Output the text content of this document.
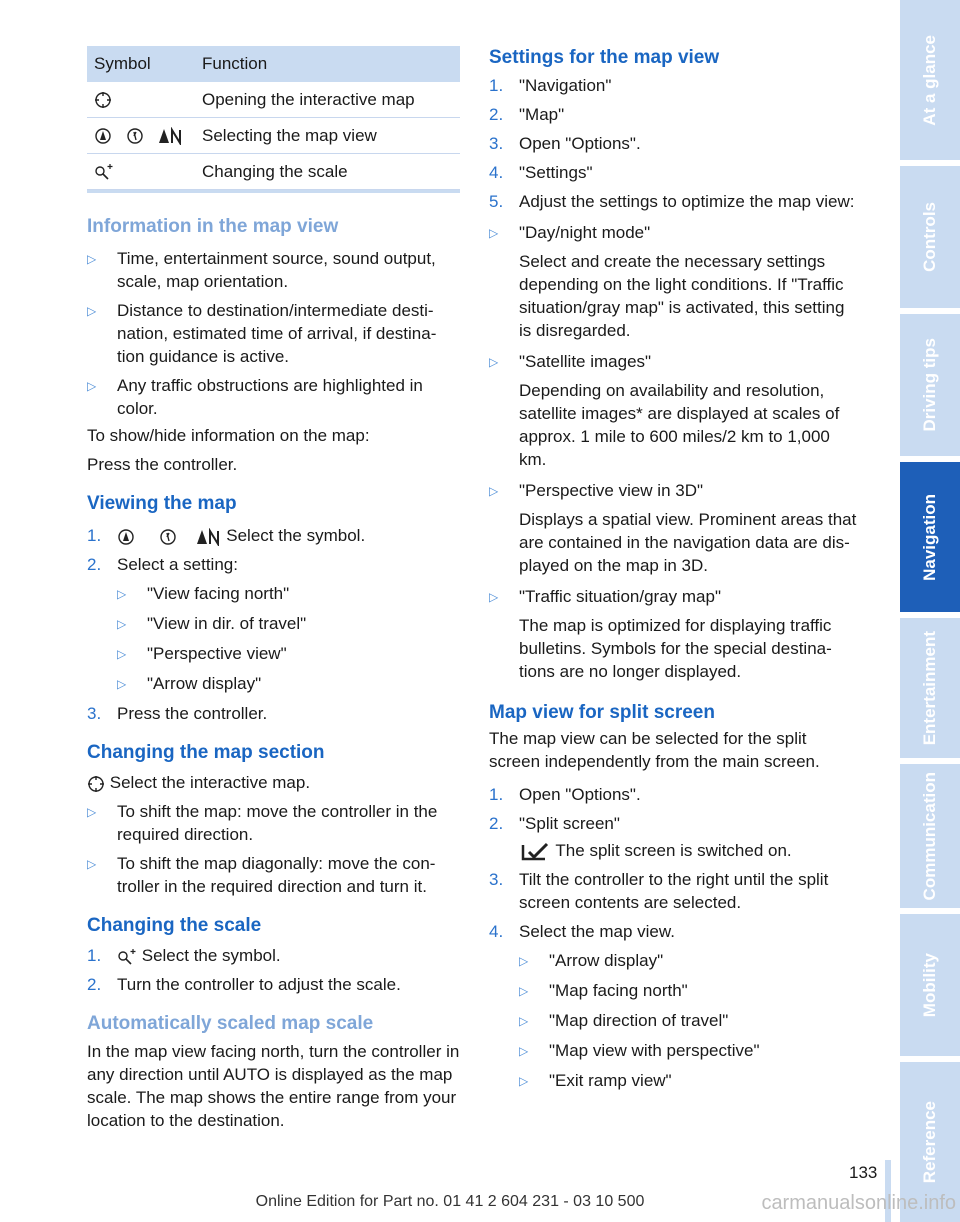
Symbol	Function
Opening the interactive map
Selecting the map view
Changing the scale
Information in the map view
▷	Time, entertainment source, sound output, scale, map orientation.
▷	Distance to destination/intermediate desti-nation, estimated time of arrival, if destina-tion guidance is active.
▷	Any traffic obstructions are highlighted in color.

To show/hide information on the map:

Press the controller.

Viewing the map
1.	Select the symbol.
2. Select a setting:
▷	"View facing north"
▷	"View in dir. of travel"
▷	"Perspective view"
▷	"Arrow display"
3. Press the controller.
Changing the map section

Select the interactive map.

▷	To shift the map: move the controller in the required direction.
▷	To shift the map diagonally: move the con-troller in the required direction and turn it.
Changing the scale
1.	Select the symbol.
2. Turn the controller to adjust the scale.
Automatically scaled map scale

In the map view facing north, turn the controller in any direction until AUTO is displayed as the map scale. The map shows the entire range from your location to the destination.

Settings for the map view
1. "Navigation"
2. "Map"
3. Open "Options".
4. "Settings"
5. Adjust the settings to optimize the map view:
▷	"Day/night mode"

Select and create the necessary settings depending on the light conditions. If "Traffic situation/gray map" is activated, this setting is disregarded.
▷	"Satellite images"

Depending on availability and resolution, satellite images* are displayed at scales of approx. 1 mile to 600 miles/2 km to 1,000 km.
▷	"Perspective view in 3D"

Displays a spatial view. Prominent areas that are contained in the navigation data are dis-played on the map in 3D.
▷	"Traffic situation/gray map"

The map is optimized for displaying traffic bulletins. Symbols for the special destina-tions are no longer displayed.
Map view for split screen

The map view can be selected for the split screen independently from the main screen.

1. Open "Options".
2. "Split screen"
The split screen is switched on.
3. Tilt the controller to the right until the split screen contents are selected.
4. Select the map view.
▷	"Arrow display"
▷	"Map facing north"
▷	"Map direction of travel"
▷	"Map view with perspective"
▷	"Exit ramp view"
At a glance
Controls
Driving tips
Navigation
Entertainment
Communication
Mobility
Reference
133
Online Edition for Part no. 01 41 2 604 231 - 03 10 500	carmanualsonline.info
